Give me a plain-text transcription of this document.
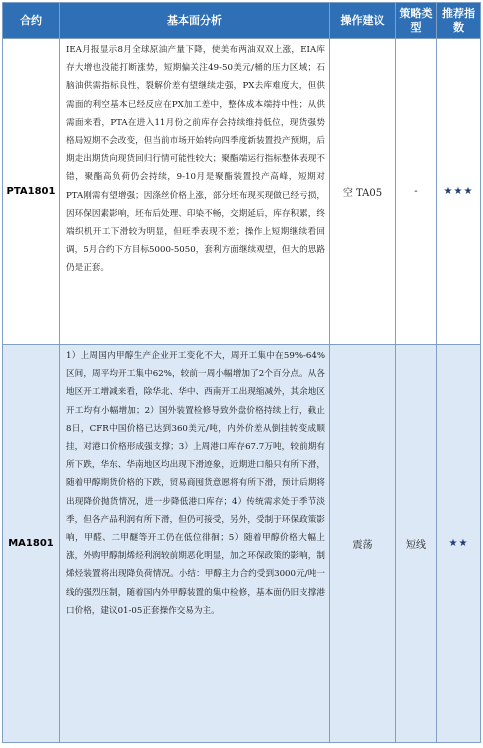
合约	基本面分析	操作建议	策略类型	推荐指数
PTA1801	IEA月报显示8月全球原油产量下降，使美布两油双双上涨，EIA库存大增也没能打断涨势，短期偏关注49-50美元/桶的压力区域；石脑油供需指标良性，裂解价差有望继续走强，PX去库难度大，但供需面的利空基本已经反应在PX加工差中，整体成本端持中性；从供需面来看，PTA在进入11月份之前库存会持续维持低位，现货强势格局短期不会改变，但当前市场开始转向四季度新装置投产预期，后期走出期货向现货回归行情可能性较大；聚酯端运行指标整体表现不错，聚酯高负荷仍会持续，9-10月是聚酯装置投产高峰，短期对PTA刚需有望增强；因涤丝价格上涨，部分坯布现买现做已经亏损，因环保因素影响，坯布后处理、印染不畅，交期延后，库存积累，终端织机开工下滑较为明显，但旺季表现不差；操作上短期继续看回调，5月合约下方目标5000-5050，套利方面继续观望，但大的思路仍是正套。	空 TA05	-	★★★
MA1801	1）上周国内甲醇生产企业开工变化不大，周开工集中在59%-64%区间，周平均开工集中62%，较前一周小幅增加了2个百分点。从各地区开工增减来看，除华北、华中、西南开工出现缩减外，其余地区开工均有小幅增加；2）国外装置检修导致外盘价格持续上行，截止8日，CFR中国价格已达到360美元/吨，内外价差从倒挂转变成顺挂，对港口价格形成强支撑；3）上周港口库存67.7万吨，较前期有所下跌，华东、华南地区均出现下滑迹象，近期进口船只有所下滑，随着甲醇期货价格的下跌，贸易商囤货意愿将有所下滑，预计后期将出现降价抛货情况，进一步降低港口库存；4）传统需求处于季节淡季，但各产品利润有所下滑，但仍可接受，另外，受制于环保政策影响，甲醛、二甲醚等开工仍在低位徘徊；5）随着甲醇价格大幅上涨，外购甲醇制烯烃利润较前期恶化明显，加之环保政策的影响，制烯烃装置将出现降负荷情况。小结：甲醇主力合约受到3000元/吨一线的强烈压制，随着国内外甲醇装置的集中检修，基本面仍旧支撑港口价格，建议01-05正套操作交易为主。	震荡	短线	★★
